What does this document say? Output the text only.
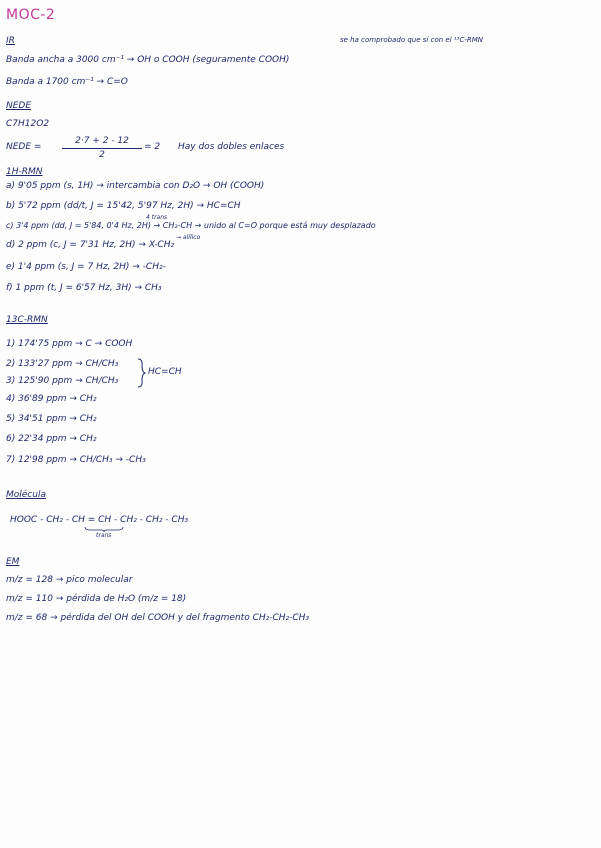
MOC-2
IR	se ha comprobado que sí con el ¹³C-RMN
Banda ancha a 3000 cm⁻¹ → OH o COOH (seguramente COOH)
Banda a 1700 cm⁻¹ → C=O
NEDE
C7H12O2
NEDE =
2·7 + 2 - 12
2
= 2 Hay dos dobles enlaces
1H-RMN
a) 9'05 ppm (s, 1H) → intercambia con D₂O → OH (COOH)
b) 5'72 ppm (dd/t, J = 15'42, 5'97 Hz, 2H) → HC=CH
4 trans
c) 3'4 ppm (dd, J = 5'84, 0'4 Hz, 2H) → CH₂-CH → unido al C=O porque está muy desplazado
→ alílico
d) 2 ppm (c, J = 7'31 Hz, 2H) → X-CH₂
e) 1'4 ppm (s, J = 7 Hz, 2H) → -CH₂-
f) 1 ppm (t, J = 6'57 Hz, 3H) → CH₃
13C-RMN
1) 174'75 ppm → C → COOH
2) 133'27 ppm → CH/CH₃
3) 125'90 ppm → CH/CH₃
HC=CH
4) 36'89 ppm → CH₂
5) 34'51 ppm → CH₂
6) 22'34 ppm → CH₂
7) 12'98 ppm → CH/CH₃ → -CH₃
Molécula
HOOC - CH₂ - CH = CH - CH₂ - CH₂ - CH₃
trans
EM
m/z = 128 → pico molecular
m/z = 110 → pérdida de H₂O (m/z = 18)
m/z = 68 → pérdida del OH del COOH y del fragmento CH₂-CH₂-CH₃
